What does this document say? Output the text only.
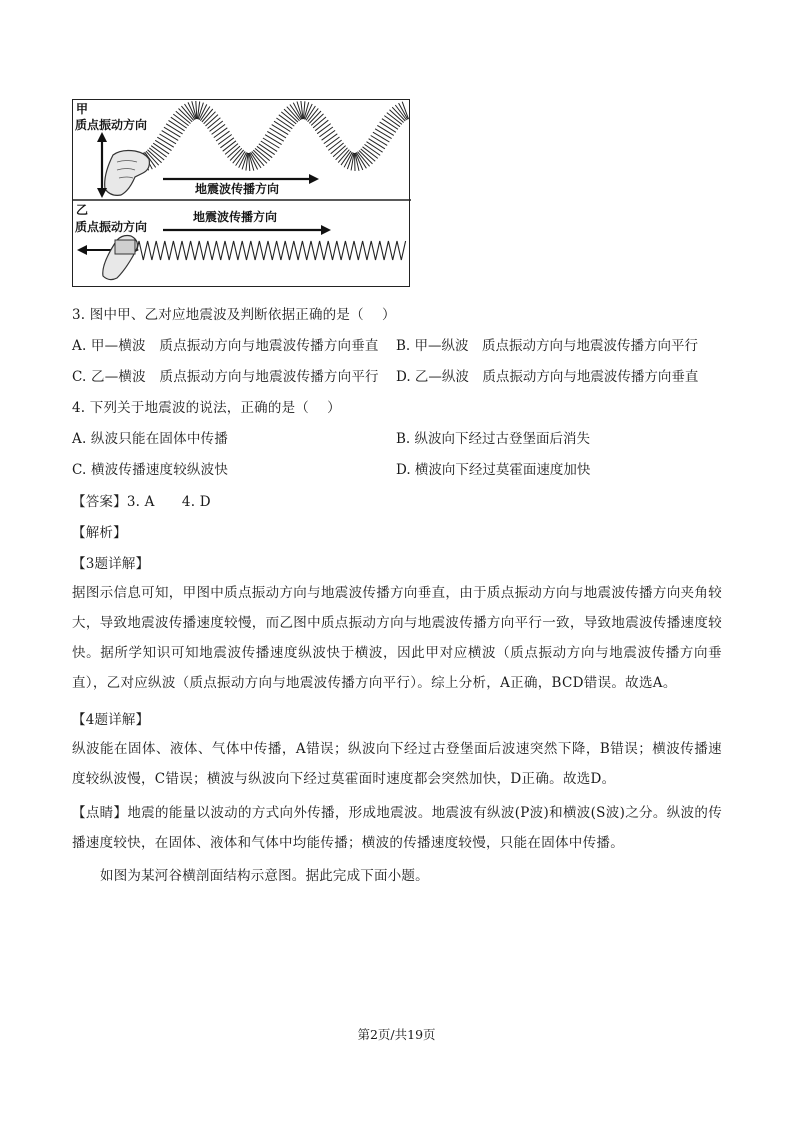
甲
质点振动方向
地震波传播方向
乙
质点振动方向
地震波传播方向
3. 图中甲、乙对应地震波及判断依据正确的是（　 ）
A. 甲—横波　质点振动方向与地震波传播方向垂直 B. 甲—纵波　质点振动方向与地震波传播方向平行
C. 乙—横波　质点振动方向与地震波传播方向平行 D. 乙—纵波　质点振动方向与地震波传播方向垂直
4. 下列关于地震波的说法，正确的是（　 ）
A. 纵波只能在固体中传播	B. 纵波向下经过古登堡面后消失
C. 横波传播速度较纵波快	D. 横波向下经过莫霍面速度加快
【答案】3. A　　4. D
【解析】
【3题详解】
据图示信息可知，甲图中质点振动方向与地震波传播方向垂直，由于质点振动方向与地震波传播方向夹角较大，导致地震波传播速度较慢，而乙图中质点振动方向与地震波传播方向平行一致，导致地震波传播速度较快。据所学知识可知地震波传播速度纵波快于横波，因此甲对应横波（质点振动方向与地震波传播方向垂直），乙对应纵波（质点振动方向与地震波传播方向平行）。综上分析，A正确，BCD错误。故选A。
【4题详解】
纵波能在固体、液体、气体中传播，A错误；纵波向下经过古登堡面后波速突然下降，B错误；横波传播速度较纵波慢，C错误；横波与纵波向下经过莫霍面时速度都会突然加快，D正确。故选D。
【点睛】地震的能量以波动的方式向外传播，形成地震波。地震波有纵波(P波)和横波(S波)之分。纵波的传播速度较快，在固体、液体和气体中均能传播；横波的传播速度较慢，只能在固体中传播。
如图为某河谷横剖面结构示意图。据此完成下面小题。
第2页/共19页
